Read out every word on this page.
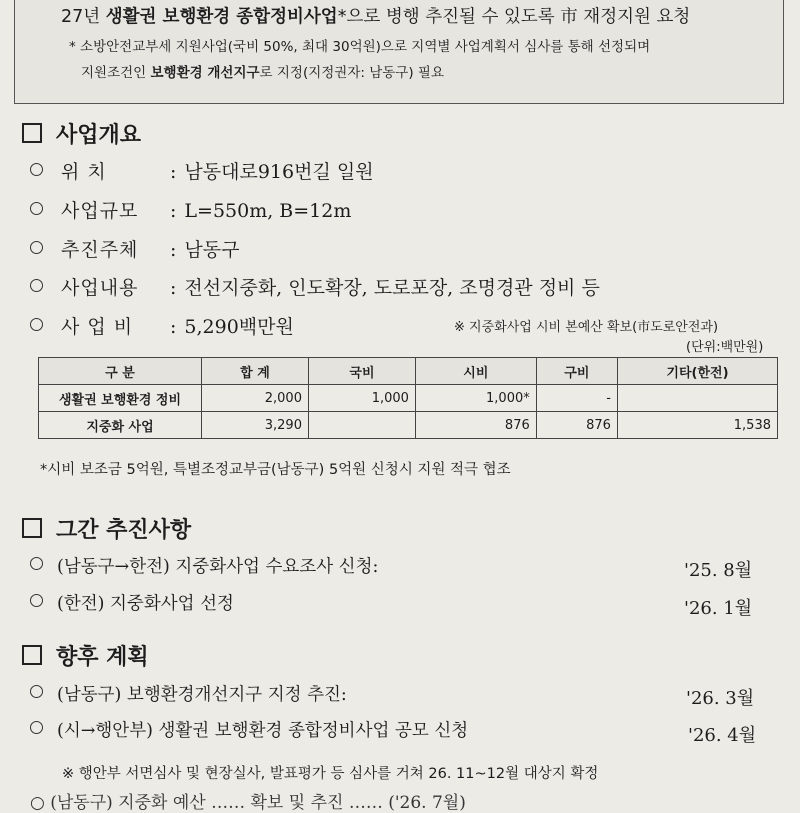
27년 생활권 보행환경 종합정비사업*으로 병행 추진될 수 있도록 市 재정지원 요청
* 소방안전교부세 지원사업(국비 50%, 최대 30억원)으로 지역별 사업계획서 심사를 통해 선정되며
지원조건인 보행환경 개선지구로 지정(지정권자: 남동구) 필요
사업개요
위 치	: 남동대로916번길 일원
사업규모 : L=550m, B=12m
추진주체 : 남동구
사업내용 : 전선지중화, 인도확장, 도로포장, 조명경관 정비 등
사 업 비 : 5,290백만원	※ 지중화사업 시비 본예산 확보(市도로안전과)
(단위:백만원)
구 분	합 계	국비	시비	구비	기타(한전)
생활권 보행환경 정비	2,000	1,000	1,000*	-	
지중화 사업	3,290		876	876	1,538
*시비 보조금 5억원, 특별조정교부금(남동구) 5억원 신청시 지원 적극 협조
그간 추진사항
(남동구→한전) 지중화사업 수요조사 신청:	'25. 8월
(한전) 지중화사업 선정	'26. 1월
향후 계획
(남동구) 보행환경개선지구 지정 추진:	'26. 3월
(시→행안부) 생활권 보행환경 종합정비사업 공모 신청	'26. 4월
※ 행안부 서면심사 및 현장실사, 발표평가 등 심사를 거쳐 26. 11~12월 대상지 확정
○ (남동구) 지중화 예산 …… 확보 및 추진 …… ('26. 7월)
